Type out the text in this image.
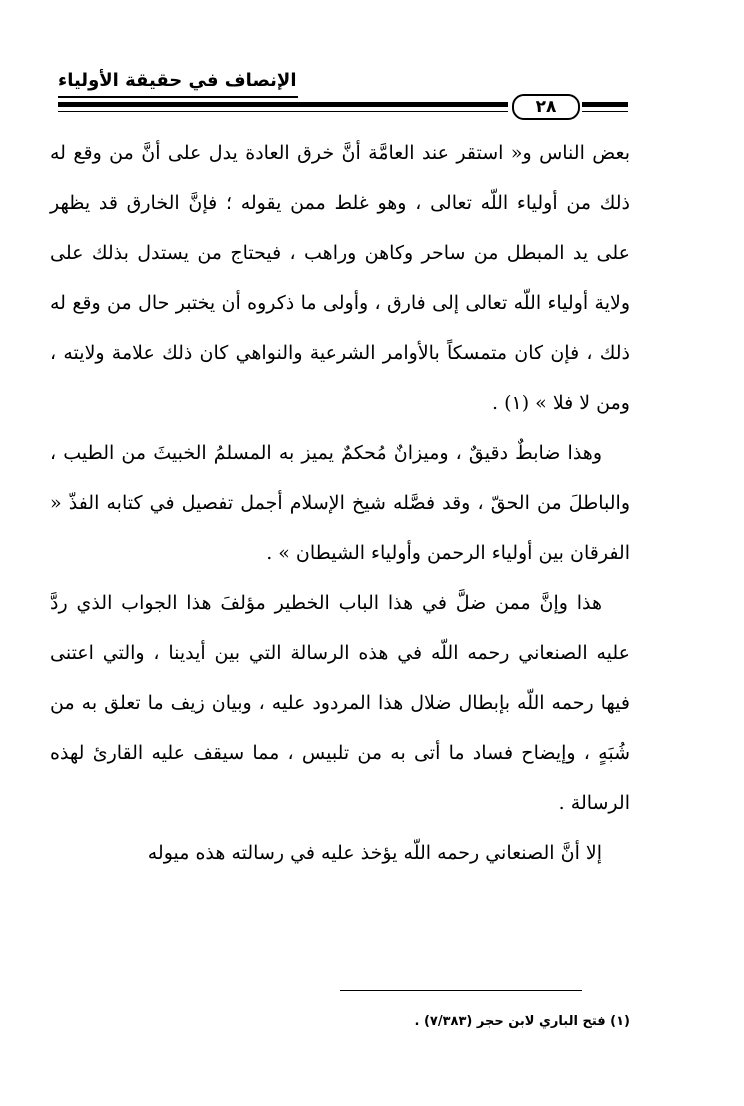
الإنصاف في حقيقة الأولياء
٢٨

بعض الناس و« استقر عند العامَّة أنَّ خرق العادة يدل على أنَّ من وقع له ذلك من أولياء اللّه تعالى ، وهو غلط ممن يقوله ؛ فإنَّ الخارق قد يظهر على يد المبطل من ساحر وكاهن وراهب ، فيحتاج من يستدل بذلك على ولاية أولياء اللّه تعالى إلى فارق ، وأولى ما ذكروه أن يختبر حال من وقع له ذلك ، فإن كان متمسكاً بالأوامر الشرعية والنواهي كان ذلك علامة ولايته ، ومن لا فلا » (١) .

وهذا ضابطٌ دقيقٌ ، وميزانٌ مُحكمٌ يميز به المسلمُ الخبيثَ من الطيب ، والباطلَ من الحقّ ، وقد فصَّله شيخ الإسلام أجمل تفصيل في كتابه الفذّ « الفرقان بين أولياء الرحمن وأولياء الشيطان » .

هذا وإنَّ ممن ضلَّ في هذا الباب الخطير مؤلفَ هذا الجواب الذي ردَّ عليه الصنعاني رحمه اللّه في هذه الرسالة التي بين أيدينا ، والتي اعتنى فيها رحمه اللّه بإبطال ضلال هذا المردود عليه ، وبيان زيف ما تعلق به من شُبَهٍ ، وإيضاح فساد ما أتى به من تلبيس ، مما سيقف عليه القارئ لهذه الرسالة .

إلا أنَّ الصنعاني رحمه اللّه يؤخذ عليه في رسالته هذه ميوله

(١) فتح الباري لابن حجر (٧/٣٨٣) .
